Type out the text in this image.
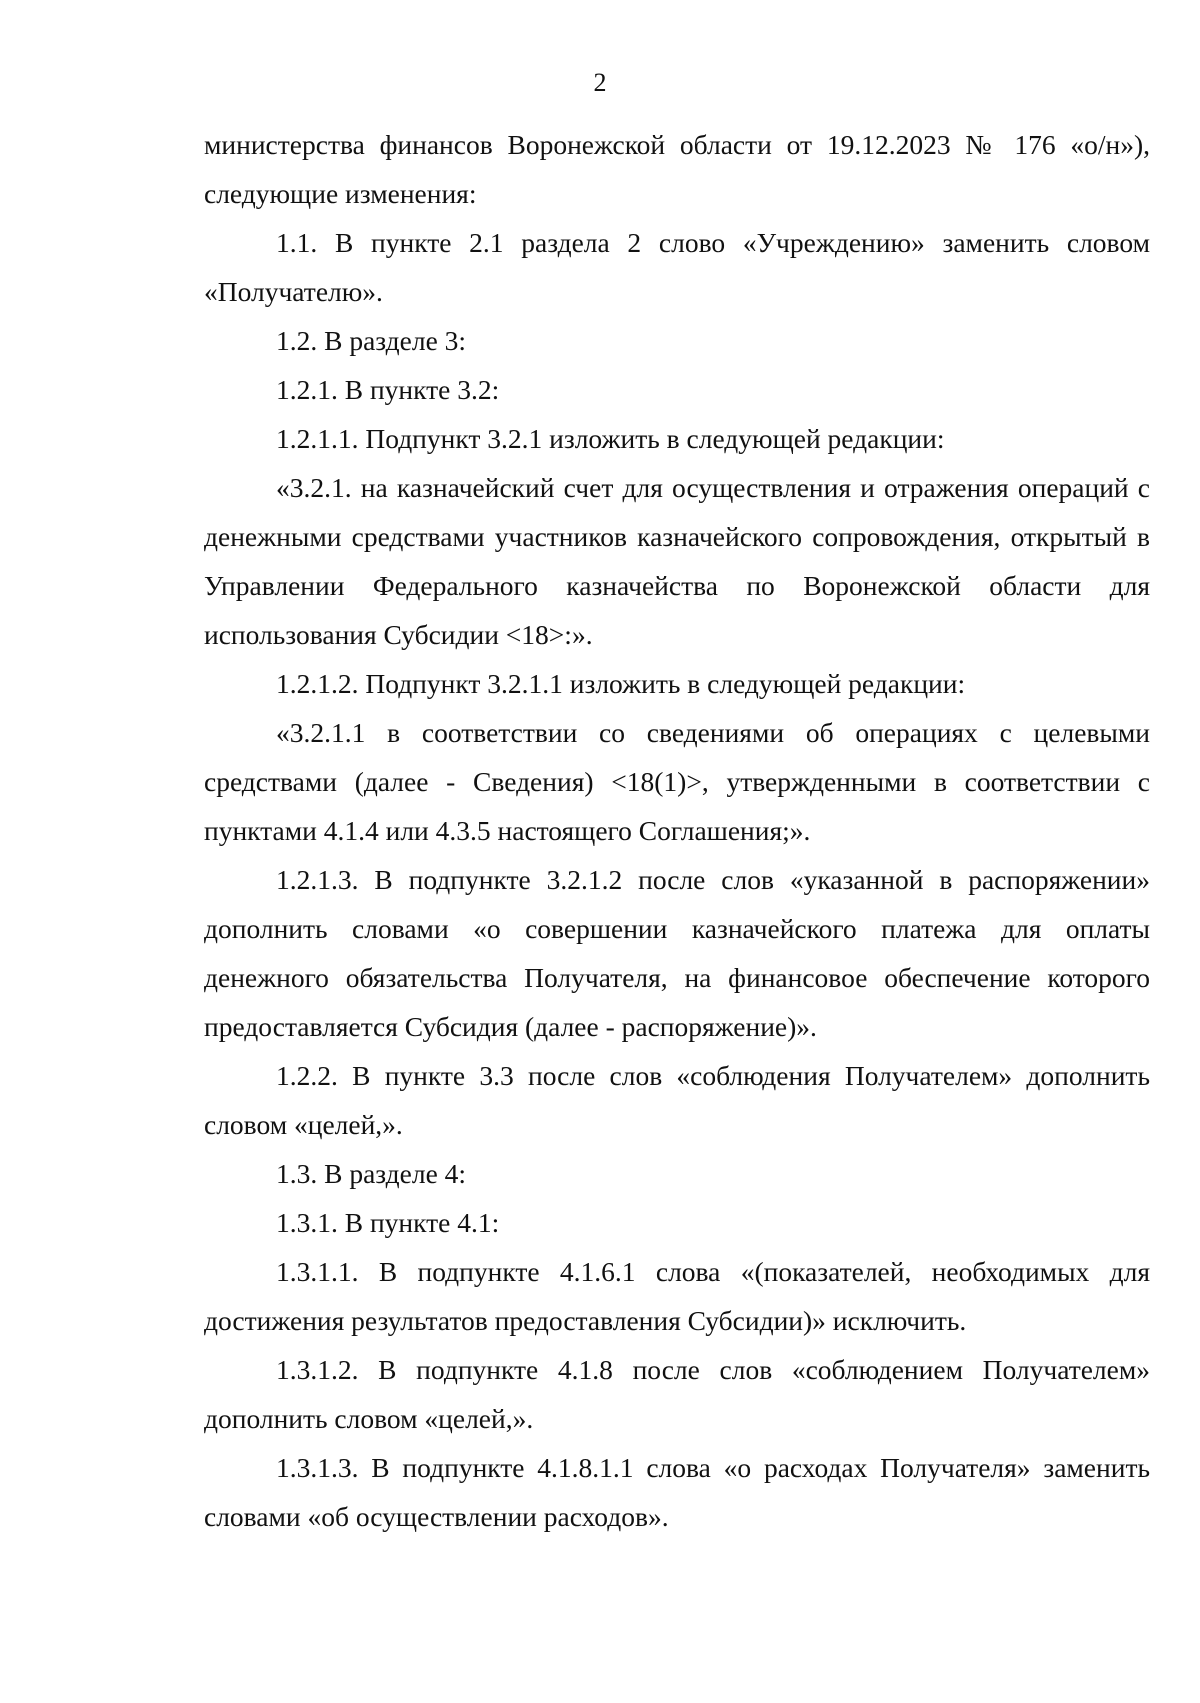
2

министерства финансов Воронежской области от 19.12.2023 № 176 «о/н»), следующие изменения:

1.1. В пункте 2.1 раздела 2 слово «Учреждению» заменить словом «Получателю».

1.2. В разделе 3:

1.2.1. В пункте 3.2:

1.2.1.1. Подпункт 3.2.1 изложить в следующей редакции:

«3.2.1. на казначейский счет для осуществления и отражения операций с денежными средствами участников казначейского сопровождения, открытый в Управлении Федерального казначейства по Воронежской области для использования Субсидии <18>:».

1.2.1.2. Подпункт 3.2.1.1 изложить в следующей редакции:

«3.2.1.1 в соответствии со сведениями об операциях с целевыми средствами (далее - Сведения) <18(1)>, утвержденными в соответствии с пунктами 4.1.4 или 4.3.5 настоящего Соглашения;».

1.2.1.3. В подпункте 3.2.1.2 после слов «указанной в распоряжении» дополнить словами «о совершении казначейского платежа для оплаты денежного обязательства Получателя, на финансовое обеспечение которого предоставляется Субсидия (далее - распоряжение)».

1.2.2. В пункте 3.3 после слов «соблюдения Получателем» дополнить словом «целей,».

1.3. В разделе 4:

1.3.1. В пункте 4.1:

1.3.1.1. В подпункте 4.1.6.1 слова «(показателей, необходимых для достижения результатов предоставления Субсидии)» исключить.

1.3.1.2. В подпункте 4.1.8 после слов «соблюдением Получателем» дополнить словом «целей,».

1.3.1.3. В подпункте 4.1.8.1.1 слова «о расходах Получателя» заменить словами «об осуществлении расходов».
